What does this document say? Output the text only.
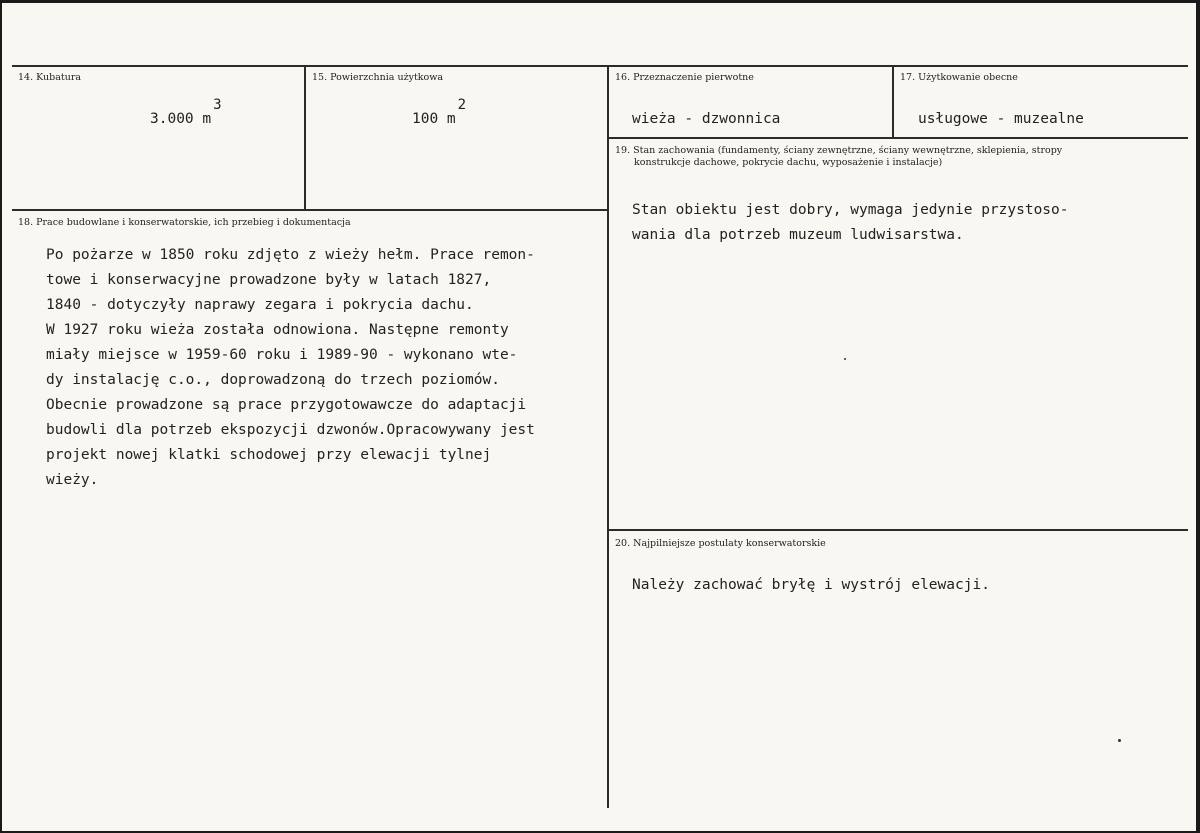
14. Kubatura
3.000 m3
15. Powierzchnia użytkowa
100 m2
16. Przeznaczenie pierwotne
wieża - dzwonnica
17. Użytkowanie obecne
usługowe - muzealne
19. Stan zachowania (fundamenty, ściany zewnętrzne, ściany wewnętrzne, sklepienia, stropy
konstrukcje dachowe, pokrycie dachu, wyposażenie i instalacje)
Stan obiektu jest dobry, wymaga jedynie przystoso-
wania dla potrzeb muzeum ludwisarstwa.
18. Prace budowlane i konserwatorskie, ich przebieg i dokumentacja
Po pożarze w 1850 roku zdjęto z wieży hełm. Prace remon-
towe i konserwacyjne prowadzone były w latach 1827,
1840 - dotyczyły naprawy zegara i pokrycia dachu.
W 1927 roku wieża została odnowiona. Następne remonty
miały miejsce w 1959-60 roku i 1989-90 - wykonano wte-
dy instalację c.o., doprowadzoną do trzech poziomów.
Obecnie prowadzone są prace przygotowawcze do adaptacji
budowli dla potrzeb ekspozycji dzwonów.Opracowywany jest
projekt nowej klatki schodowej przy elewacji tylnej
wieży.
20. Najpilniejsze postulaty konserwatorskie
Należy zachować bryłę i wystrój elewacji.
